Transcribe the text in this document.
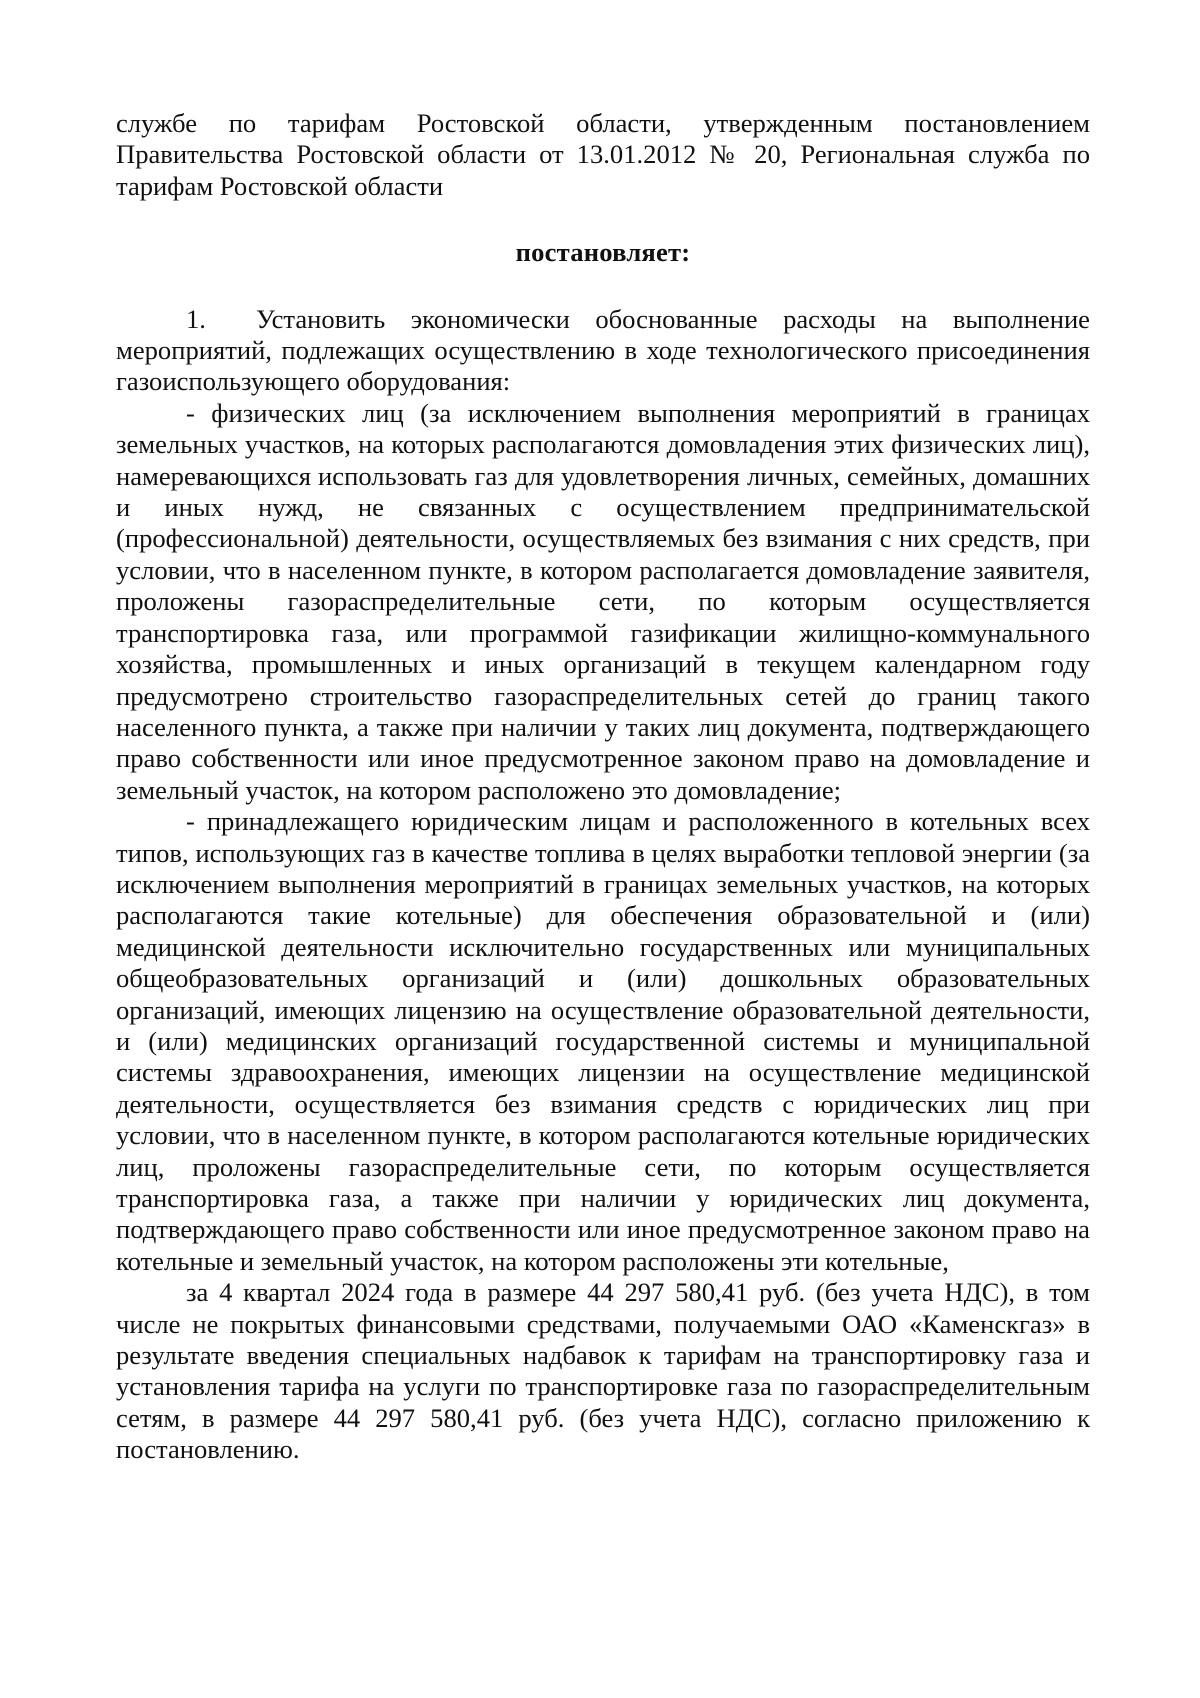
службе по тарифам Ростовской области, утвержденным постановлением Правительства Ростовской области от 13.01.2012 № 20, Региональная служба по тарифам Ростовской области

постановляет:

1. Установить экономически обоснованные расходы на выполнение мероприятий, подлежащих осуществлению в ходе технологического присоединения газоиспользующего оборудования:

- физических лиц (за исключением выполнения мероприятий в границах земельных участков, на которых располагаются домовладения этих физических лиц), намеревающихся использовать газ для удовлетворения личных, семейных, домашних и иных нужд, не связанных с осуществлением предпринимательской (профессиональной) деятельности, осуществляемых без взимания с них средств, при условии, что в населенном пункте, в котором располагается домовладение заявителя, проложены газораспределительные сети, по которым осуществляется транспортировка газа, или программой газификации жилищно-коммунального хозяйства, промышленных и иных организаций в текущем календарном году предусмотрено строительство газораспределительных сетей до границ такого населенного пункта, а также при наличии у таких лиц документа, подтверждающего право собственности или иное предусмотренное законом право на домовладение и земельный участок, на котором расположено это домовладение;

- принадлежащего юридическим лицам и расположенного в котельных всех типов, использующих газ в качестве топлива в целях выработки тепловой энергии (за исключением выполнения мероприятий в границах земельных участков, на которых располагаются такие котельные) для обеспечения образовательной и (или) медицинской деятельности исключительно государственных или муниципальных общеобразовательных организаций и (или) дошкольных образовательных организаций, имеющих лицензию на осуществление образовательной деятельности, и (или) медицинских организаций государственной системы и муниципальной системы здравоохранения, имеющих лицензии на осуществление медицинской деятельности, осуществляется без взимания средств с юридических лиц при условии, что в населенном пункте, в котором располагаются котельные юридических лиц, проложены газораспределительные сети, по которым осуществляется транспортировка газа, а также при наличии у юридических лиц документа, подтверждающего право собственности или иное предусмотренное законом право на котельные и земельный участок, на котором расположены эти котельные,

за 4 квартал 2024 года в размере 44 297 580,41 руб. (без учета НДС), в том числе не покрытых финансовыми средствами, получаемыми ОАО «Каменскгаз» в результате введения специальных надбавок к тарифам на транспортировку газа и установления тарифа на услуги по транспортировке газа по газораспределительным сетям, в размере 44 297 580,41 руб. (без учета НДС), согласно приложению к постановлению.
